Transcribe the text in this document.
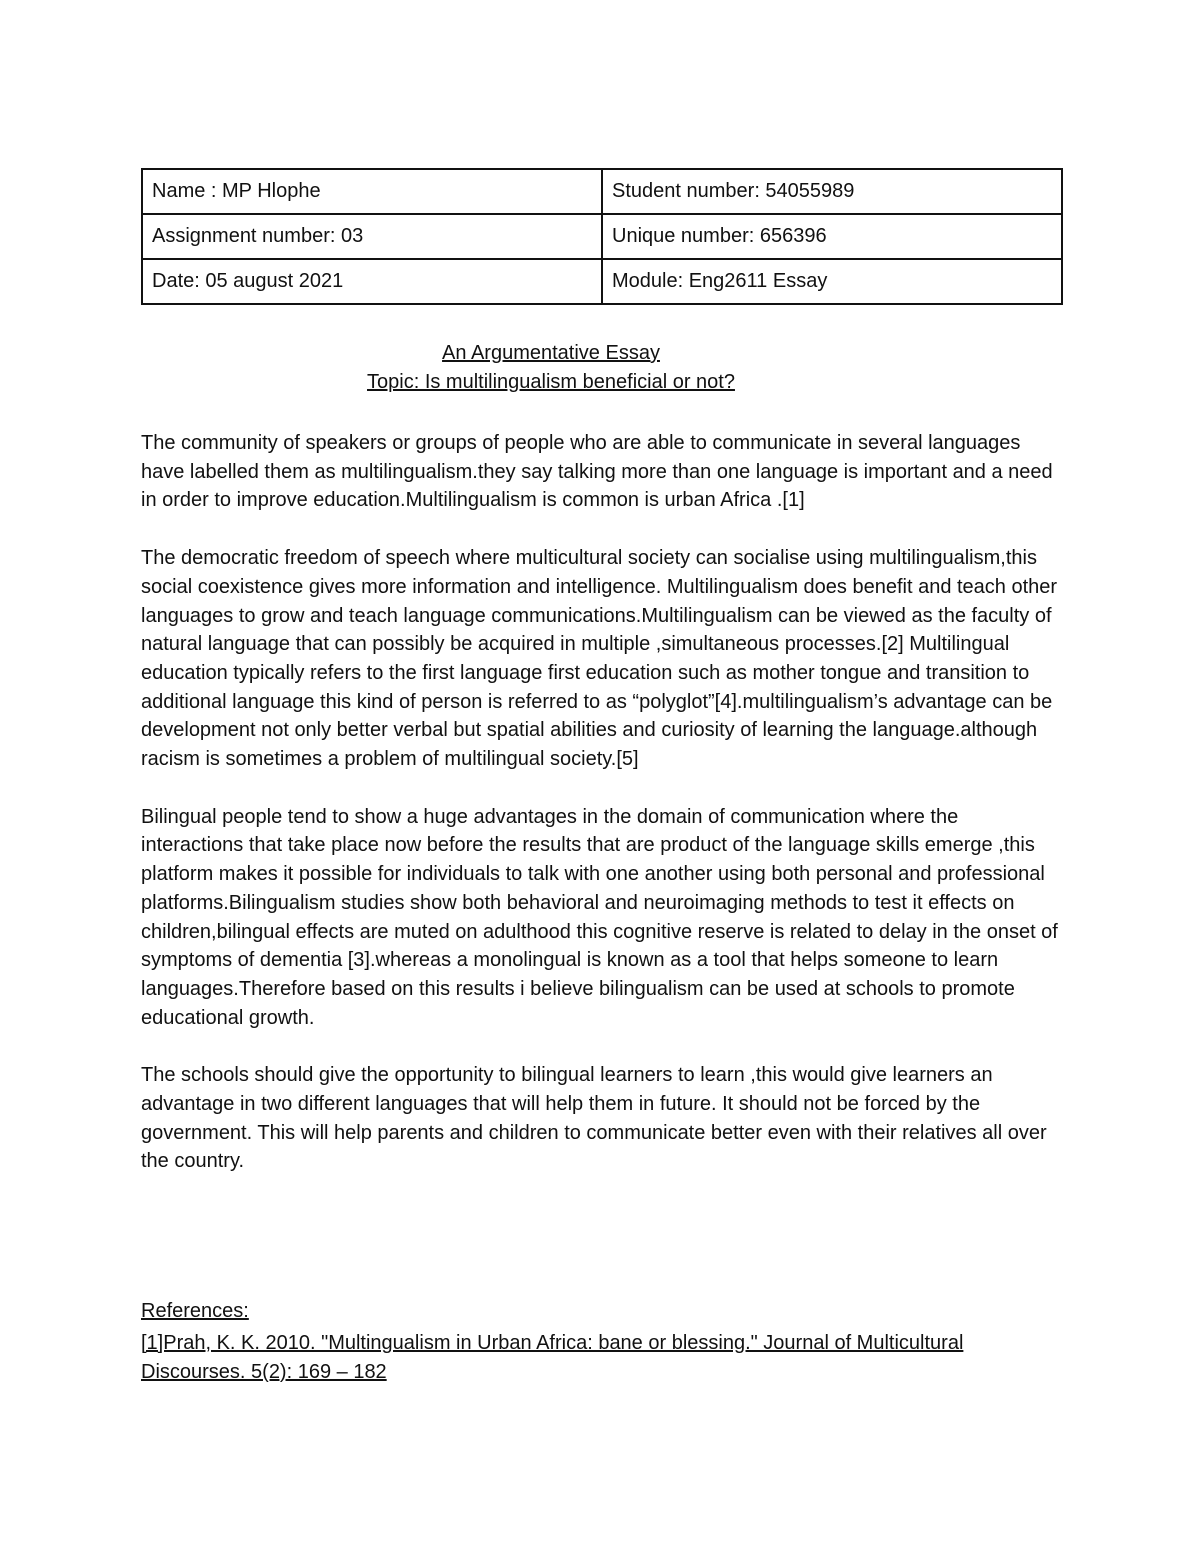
Name : MP Hlophe	Student number: 54055989
Assignment number: 03	Unique number: 656396
Date: 05 august 2021	Module: Eng2611 Essay

An Argumentative Essay

Topic: Is multilingualism beneficial or not?

The community of speakers or groups of people who are able to communicate in several languages have labelled them as multilingualism.they say talking more than one language is important and a need in order to improve education.Multilingualism is common is urban Africa .[1]

The democratic freedom of speech where multicultural society can socialise using multilingualism,this social coexistence gives more information and intelligence. Multilingualism does benefit and teach other languages to grow and teach language communications.Multilingualism can be viewed as the faculty of natural language that can possibly be acquired in multiple ,simultaneous processes.[2] Multilingual education typically refers to the first language first education such as mother tongue and transition to additional language this kind of person is referred to as “polyglot”[4].multilingualism’s advantage can be development not only better verbal but spatial abilities and curiosity of learning the language.although racism is sometimes a problem of multilingual society.[5]

Bilingual people tend to show a huge advantages in the domain of communication where the interactions that take place now before the results that are product of the language skills emerge ,this platform makes it possible for individuals to talk with one another using both personal and professional platforms.Bilingualism studies show both behavioral and neuroimaging methods to test it effects on children,bilingual effects are muted on adulthood this cognitive reserve is related to delay in the onset of symptoms of dementia [3].whereas a monolingual is known as a tool that helps someone to learn languages.Therefore based on this results i believe bilingualism can be used at schools to promote educational growth.

The schools should give the opportunity to bilingual learners to learn ,this would give learners an advantage in two different languages that will help them in future. It should not be forced by the government. This will help parents and children to communicate better even with their relatives all over the country.

References:

[1]Prah, K. K. 2010. "Multingualism in Urban Africa: bane or blessing." Journal of Multicultural Discourses. 5(2): 169 – 182
